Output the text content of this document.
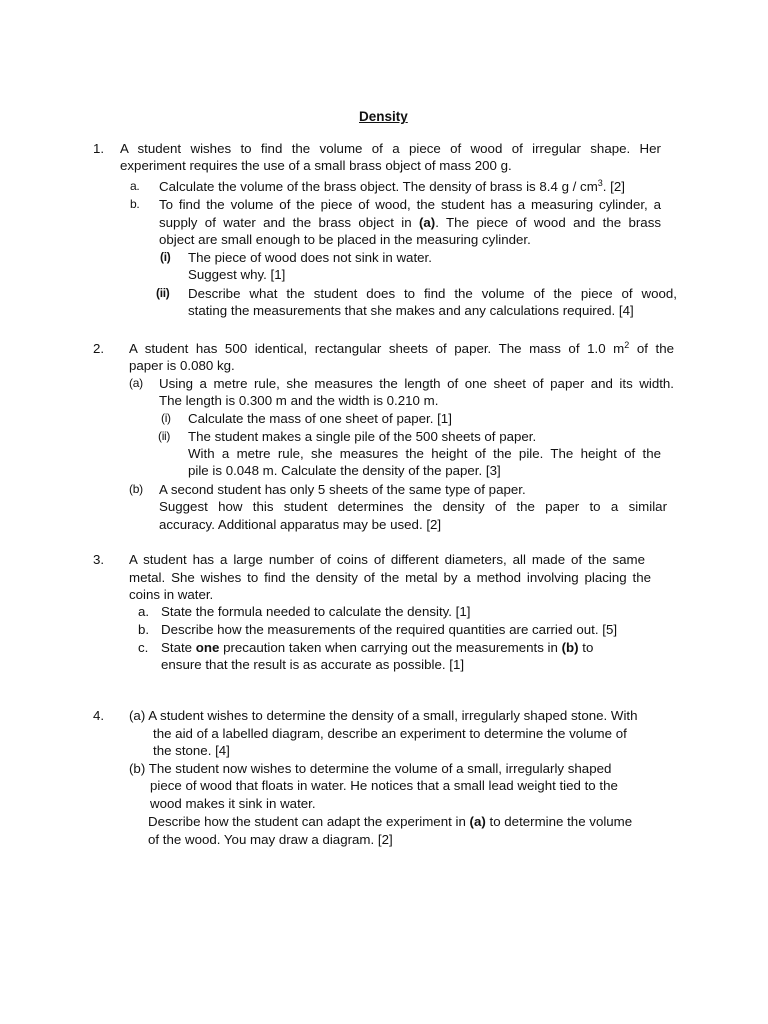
Density
1. A student wishes to find the volume of a piece of wood of irregular shape. Her
experiment requires the use of a small brass object of mass 200 g.
a. Calculate the volume of the brass object. The density of brass is 8.4 g / $cm^3$. [2]
b. To find the volume of the piece of wood, the student has a measuring cylinder, a
supply of water and the brass object in (a). The piece of wood and the brass
object are small enough to be placed in the measuring cylinder.
(i) The piece of wood does not sink in water.
Suggest why. [1]
(ii) Describe what the student does to find the volume of the piece of wood,
stating the measurements that she makes and any calculations required. [4]
2. A student has 500 identical, rectangular sheets of paper. The mass of 1.0 $m^2$ of the
paper is 0.080 kg.
(a) Using a metre rule, she measures the length of one sheet of paper and its width.
The length is 0.300 m and the width is 0.210 m.
(i) Calculate the mass of one sheet of paper. [1]
(ii) The student makes a single pile of the 500 sheets of paper.
With a metre rule, she measures the height of the pile. The height of the
pile is 0.048 m. Calculate the density of the paper. [3]
(b) A second student has only 5 sheets of the same type of paper.
Suggest how this student determines the density of the paper to a similar
accuracy. Additional apparatus may be used. [2]
3. A student has a large number of coins of different diameters, all made of the same
metal. She wishes to find the density of the metal by a method involving placing the
coins in water.
a. State the formula needed to calculate the density. [1]
b. Describe how the measurements of the required quantities are carried out. [5]
c. State one precaution taken when carrying out the measurements in (b) to
ensure that the result is as accurate as possible. [1]
4. (a) A student wishes to determine the density of a small, irregularly shaped stone. With
the aid of a labelled diagram, describe an experiment to determine the volume of
the stone. [4]
(b) The student now wishes to determine the volume of a small, irregularly shaped
piece of wood that floats in water. He notices that a small lead weight tied to the
wood makes it sink in water.
Describe how the student can adapt the experiment in (a) to determine the volume
of the wood. You may draw a diagram. [2]
